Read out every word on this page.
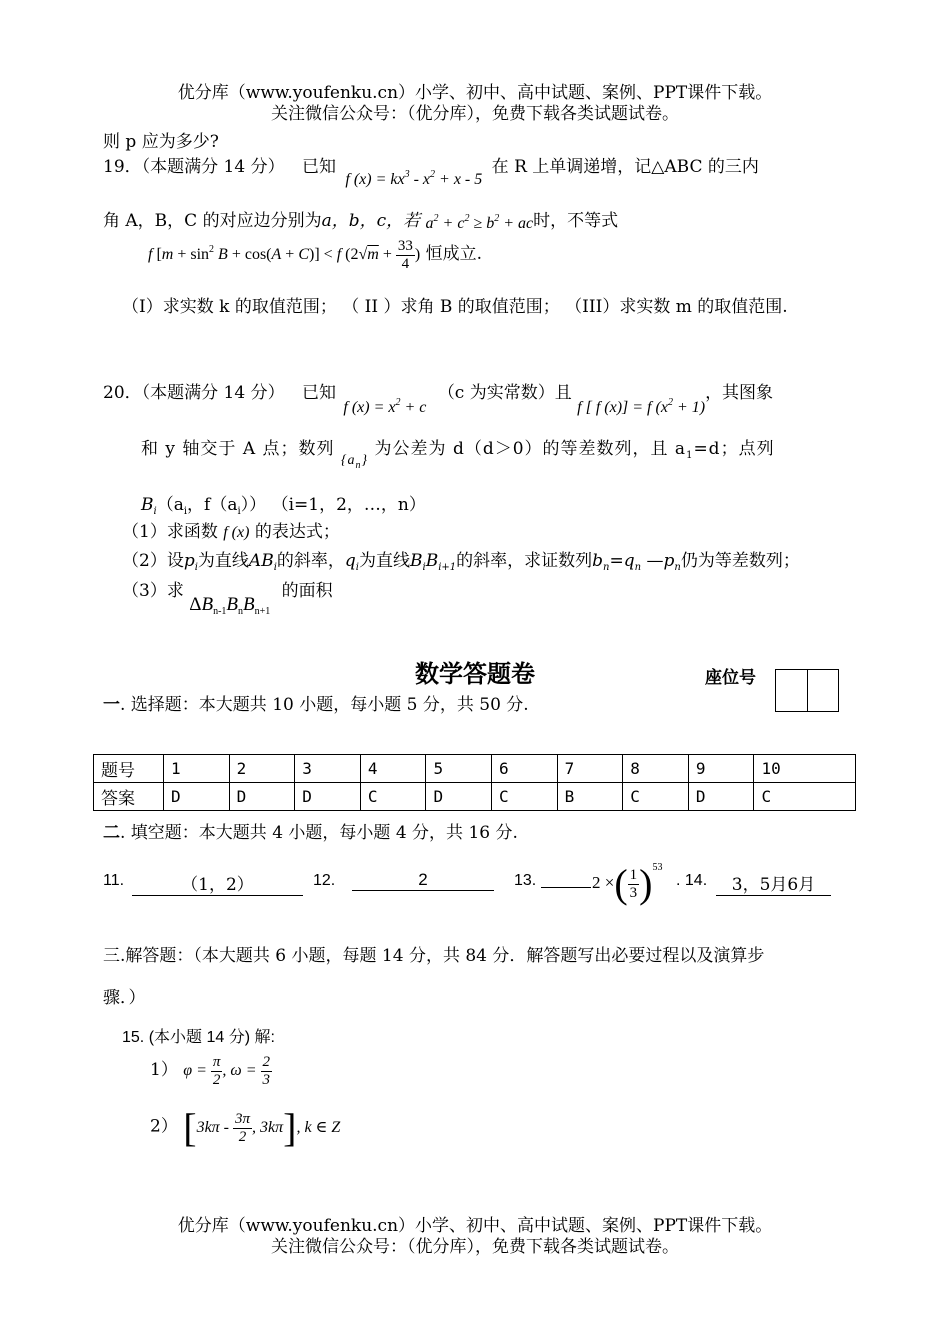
优分库（www.youfenku.cn）小学、初中、高中试题、案例、PPT课件下载。
关注微信公众号：（优分库），免费下载各类试题试卷。
则 p 应为多少?
19．（本题满分 14 分） 已知 f $(x) = kx^3 - x^2 + x - 5$ 在 R 上单调递增，记△ABC 的三内
角 A，B，C 的对应边分别为a，b，c，若 $a^2 + c^2 \ge b^2$ + ac时，不等式
f $[m + \sin^2 B + \cos(A + C)] < f$ ($2√m + \frac{33}{4}$ ) 恒成立.
（I）求实数 k 的取值范围； （ II ）求角 B 的取值范围； （III）求实数 m 的取值范围.
20．（本题满分 14 分） 已知 f $(x) = x^2 + c$ （c 为实常数）且 f [ f (x)] = f $(x^2 + 1)$，其图象
和 y 轴交于 A 点；数列 $_{\{a_n\}}$ 为公差为 d（d＞0）的等差数列，且 $a_1=d$；点列
$B_i(a_i$，$f(a_i)$） （i=1，2，…，n）
（1）求函数 f (x) 的表达式；
（2）设$p_i$为直线$AB_i$的斜率，$q_i$为直线$B_iB_{i+1}$的斜率，求证数列$b_n=q_n$ $—p_n$仍为等差数列；
（3）求 $\Delta B_{n-1}B_nB_{n+1}$ 的面积
数学答题卷	座位号
一. 选择题：本大题共 10 小题，每小题 5 分，共 50 分.
题号	1	2	3	4	5	6	7	8	9	10
答案	D	D	D	C	D	C	B	C	D	C
二. 填空题：本大题共 4 小题，每小题 4 分，共 16 分.
11.	（1，2）	12.	2	13.	2 ×( $\frac{1}{3} )^{53}$
. 14.	3，5月6月
三.解答题：（本大题共 6 小题，每题 14 分，共 84 分．解答题写出必要过程以及演算步
骤．）
15. (本小题 14 分) 解:
1） $\varphi = \frac{\pi}{2}$ , $\omega = \frac{2}{3}$
2） [$3k\pi - \frac{3\pi}{2}$ , 3kπ], k ∈ Z
优分库（www.youfenku.cn）小学、初中、高中试题、案例、PPT课件下载。
关注微信公众号：（优分库），免费下载各类试题试卷。
